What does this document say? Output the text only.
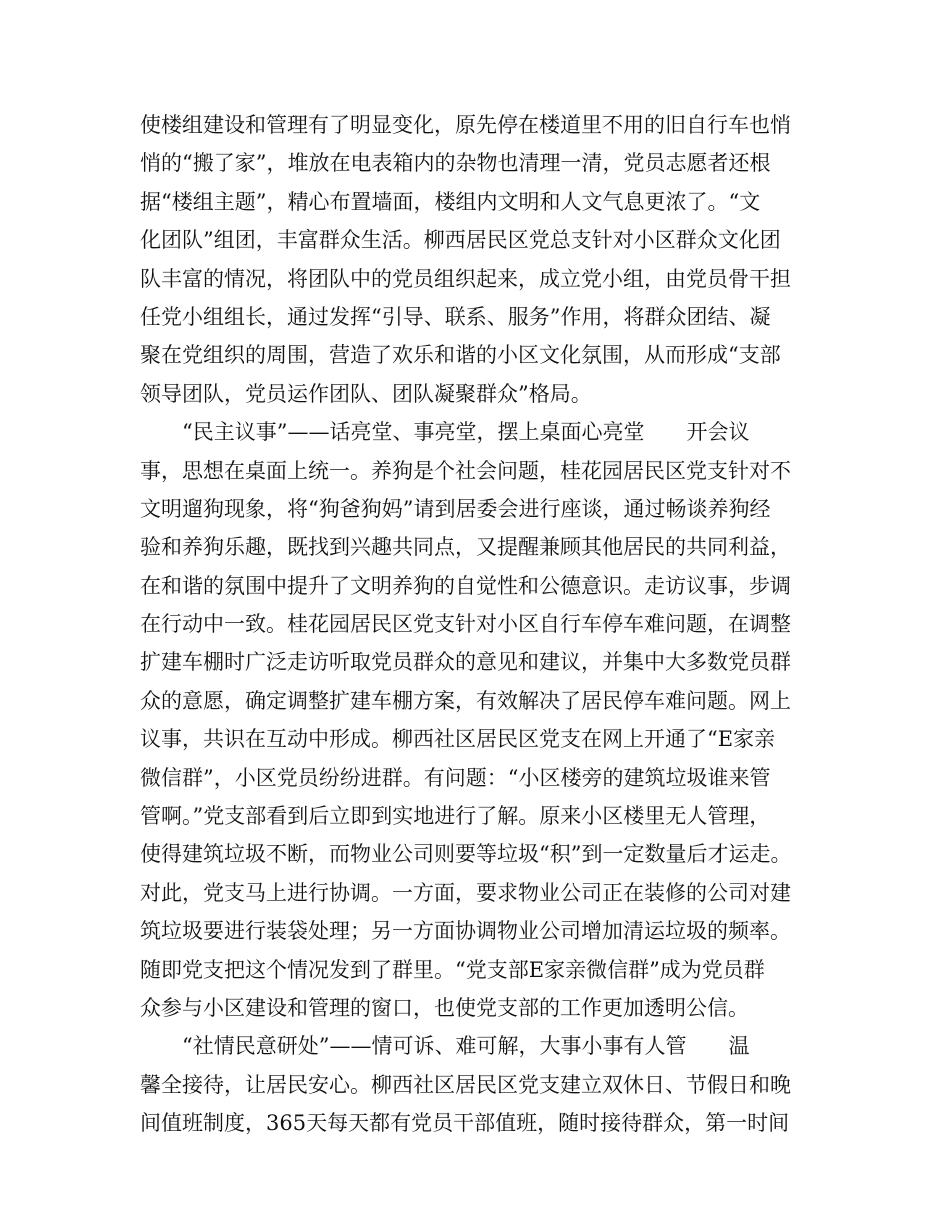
使楼组建设和管理有了明显变化，原先停在楼道里不用的旧自行车也悄
悄的“搬了家”，堆放在电表箱内的杂物也清理一清，党员志愿者还根
据“楼组主题”，精心布置墙面，楼组内文明和人文气息更浓了。“文
化团队”组团，丰富群众生活。柳西居民区党总支针对小区群众文化团
队丰富的情况，将团队中的党员组织起来，成立党小组，由党员骨干担
任党小组组长，通过发挥“引导、联系、服务”作用，将群众团结、凝
聚在党组织的周围，营造了欢乐和谐的小区文化氛围，从而形成“支部
领导团队，党员运作团队、团队凝聚群众”格局。
“民主议事”——话亮堂、事亮堂，摆上桌面心亮堂　　开会议
事，思想在桌面上统一。养狗是个社会问题，桂花园居民区党支针对不
文明遛狗现象，将“狗爸狗妈”请到居委会进行座谈，通过畅谈养狗经
验和养狗乐趣，既找到兴趣共同点，又提醒兼顾其他居民的共同利益，
在和谐的氛围中提升了文明养狗的自觉性和公德意识。走访议事，步调
在行动中一致。桂花园居民区党支针对小区自行车停车难问题，在调整
扩建车棚时广泛走访听取党员群众的意见和建议，并集中大多数党员群
众的意愿，确定调整扩建车棚方案，有效解决了居民停车难问题。网上
议事，共识在互动中形成。柳西社区居民区党支在网上开通了“E家亲
微信群”，小区党员纷纷进群。有问题：“小区楼旁的建筑垃圾谁来管
管啊。”党支部看到后立即到实地进行了解。原来小区楼里无人管理，
使得建筑垃圾不断，而物业公司则要等垃圾“积”到一定数量后才运走。
对此，党支马上进行协调。一方面，要求物业公司正在装修的公司对建
筑垃圾要进行装袋处理；另一方面协调物业公司增加清运垃圾的频率。
随即党支把这个情况发到了群里。“党支部E家亲微信群”成为党员群
众参与小区建设和管理的窗口，也使党支部的工作更加透明公信。
“社情民意研处”——情可诉、难可解，大事小事有人管　　温
馨全接待，让居民安心。柳西社区居民区党支建立双休日、节假日和晚
间值班制度，365天每天都有党员干部值班，随时接待群众，第一时间
